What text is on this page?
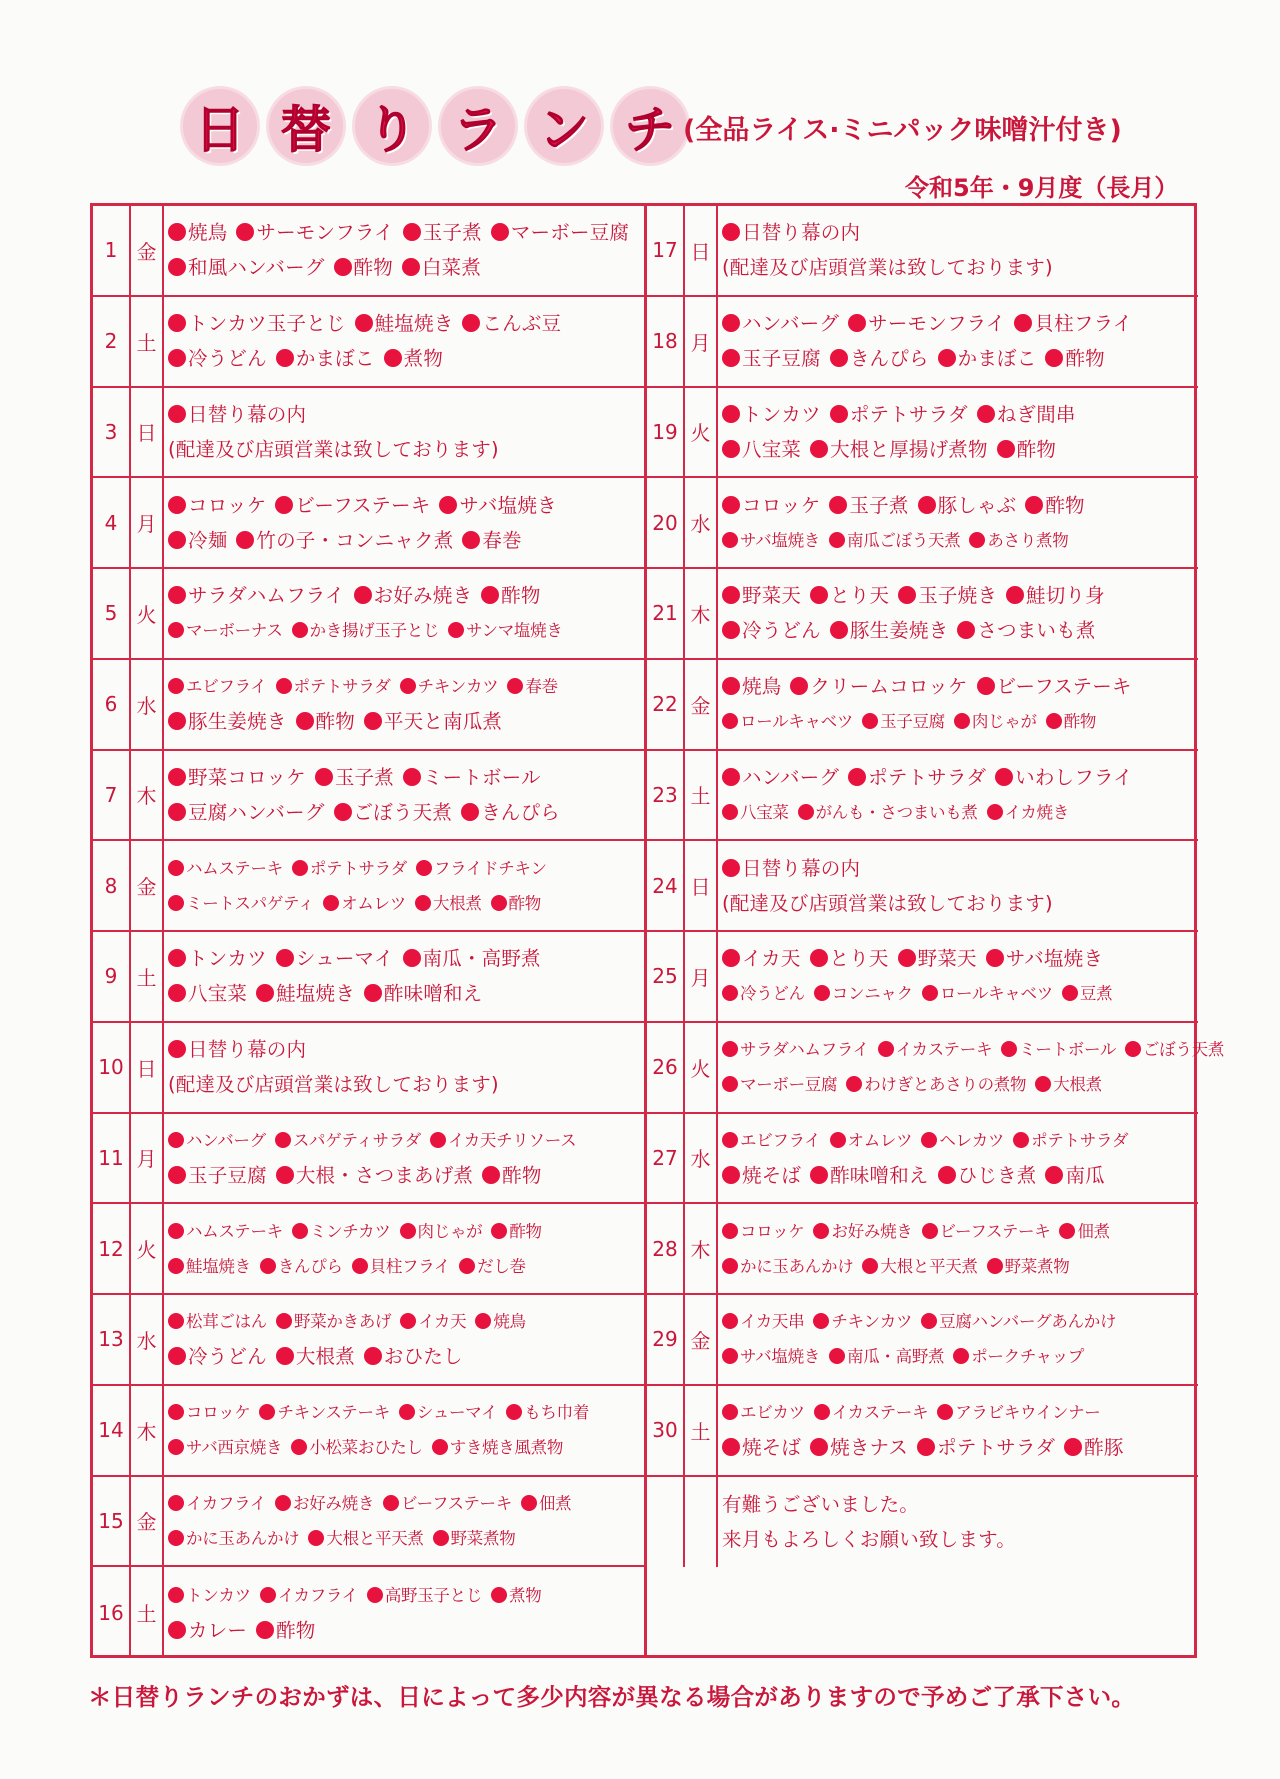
日 替 り ラ ン チ (全品ライス·ミニパック味噌汁付き)
令和5年・9月度（長月）
1 金
焼鳥 サーモンフライ 玉子煮 マーボー豆腐
和風ハンバーグ 酢物 白菜煮
2 土
トンカツ玉子とじ 鮭塩焼き こんぶ豆
冷うどん かまぼこ 煮物
3 日
日替り幕の内
(配達及び店頭営業は致しております)
4 月
コロッケ ビーフステーキ サバ塩焼き
冷麺 竹の子・コンニャク煮 春巻
5 火
サラダハムフライ お好み焼き 酢物
マーボーナス かき揚げ玉子とじ サンマ塩焼き
6 水
エビフライ ポテトサラダ チキンカツ 春巻
豚生姜焼き 酢物 平天と南瓜煮
7 木
野菜コロッケ 玉子煮 ミートボール
豆腐ハンバーグ ごぼう天煮 きんぴら
8 金
ハムステーキ ポテトサラダ フライドチキン
ミートスパゲティ オムレツ 大根煮 酢物
9 土
トンカツ シューマイ 南瓜・高野煮
八宝菜 鮭塩焼き 酢味噌和え
10 日
日替り幕の内
(配達及び店頭営業は致しております)
11 月
ハンバーグ スパゲティサラダ イカ天チリソース
玉子豆腐 大根・さつまあげ煮 酢物
12 火
ハムステーキ ミンチカツ 肉じゃが 酢物
鮭塩焼き きんぴら 貝柱フライ だし巻
13 水
松茸ごはん 野菜かきあげ イカ天 焼鳥
冷うどん 大根煮 おひたし
14 木
コロッケ チキンステーキ シューマイ もち巾着
サバ西京焼き 小松菜おひたし すき焼き風煮物
15 金
イカフライ お好み焼き ビーフステーキ 佃煮
かに玉あんかけ 大根と平天煮 野菜煮物
16 土
トンカツ イカフライ 高野玉子とじ 煮物
カレー 酢物
17 日
日替り幕の内
(配達及び店頭営業は致しております)
18 月
ハンバーグ サーモンフライ 貝柱フライ
玉子豆腐 きんぴら かまぼこ 酢物
19 火
トンカツ ポテトサラダ ねぎ間串
八宝菜 大根と厚揚げ煮物 酢物
20 水
コロッケ 玉子煮 豚しゃぶ 酢物
サバ塩焼き 南瓜ごぼう天煮 あさり煮物
21 木
野菜天 とり天 玉子焼き 鮭切り身
冷うどん 豚生姜焼き さつまいも煮
22 金
焼鳥 クリームコロッケ ビーフステーキ
ロールキャベツ 玉子豆腐 肉じゃが 酢物
23 土
ハンバーグ ポテトサラダ いわしフライ
八宝菜 がんも・さつまいも煮 イカ焼き
24 日
日替り幕の内
(配達及び店頭営業は致しております)
25 月
イカ天 とり天 野菜天 サバ塩焼き
冷うどん コンニャク ロールキャベツ 豆煮
26 火
サラダハムフライ イカステーキ ミートボール ごぼう天煮
マーボー豆腐 わけぎとあさりの煮物 大根煮
27 水
エビフライ オムレツ ヘレカツ ポテトサラダ
焼そば 酢味噌和え ひじき煮 南瓜
28 木
コロッケ お好み焼き ビーフステーキ 佃煮
かに玉あんかけ 大根と平天煮 野菜煮物
29 金
イカ天串 チキンカツ 豆腐ハンバーグあんかけ
サバ塩焼き 南瓜・高野煮 ポークチャップ
30 土
エビカツ イカステーキ アラビキウインナー
焼そば 焼きナス ポテトサラダ 酢豚
有難うございました。
来月もよろしくお願い致します。
＊日替りランチのおかずは、日によって多少内容が異なる場合がありますので予めご了承下さい。
